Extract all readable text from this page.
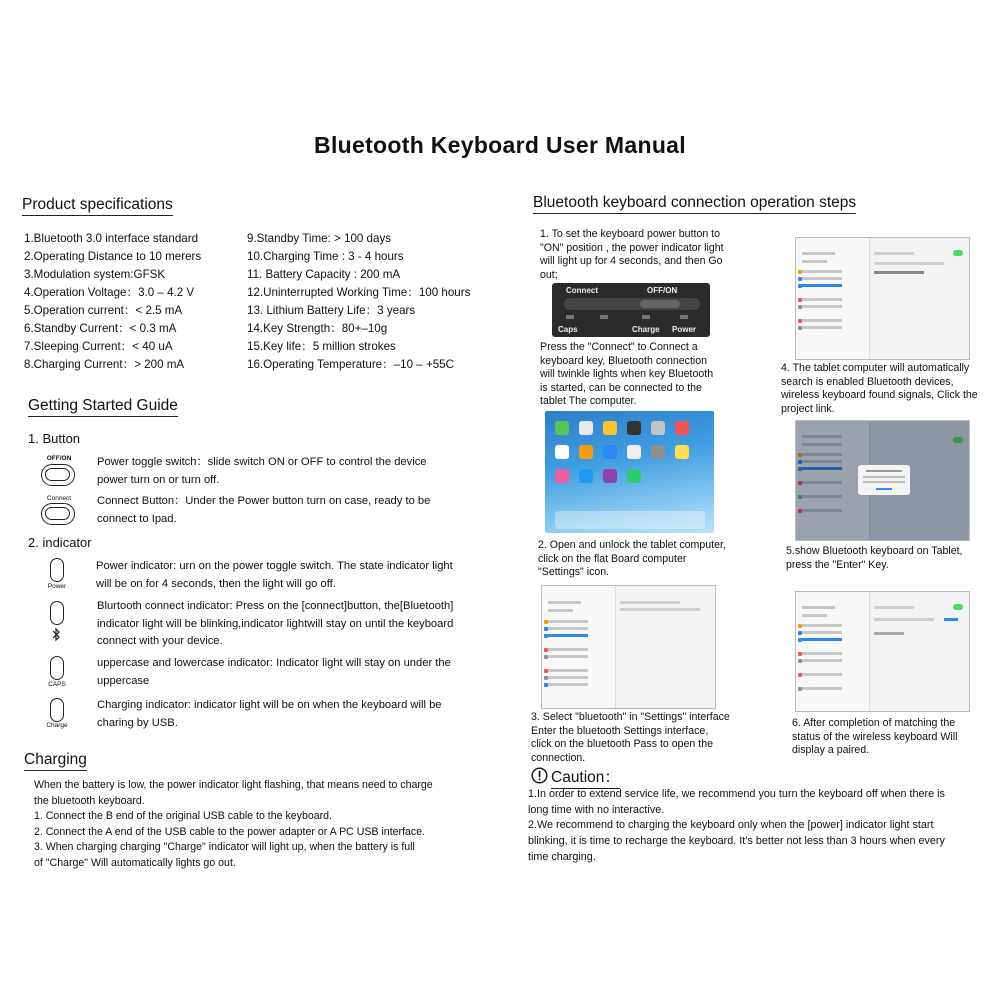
Bluetooth Keyboard User Manual
Product specifications
1.Bluetooth 3.0 interface standard
2.Operating Distance to 10 merers
3.Modulation system:GFSK
4.Operation Voltage：3.0 – 4.2 V
5.Operation current：< 2.5 mA
6.Standby Current：< 0.3 mA
7.Sleeping Current：< 40 uA
8.Charging Current：> 200 mA
9.Standby Time: > 100 days
10.Charging Time : 3 - 4 hours
11. Battery Capacity : 200 mA
12.Uninterrupted Working Time：100 hours
13. Lithium Battery Life：3 years
14.Key Strength：80+–10g
15.Key life：5 million strokes
16.Operating Temperature：–10 – +55C
Getting Started Guide
1. Button
OFF/ON	Power toggle switch：slide switch ON or OFF to control the device power turn on or turn off.
Connect	Connect Button：Under the Power button turn on case, ready to be connect to Ipad.
2. indicator
Power
Power indicator: urn on the power toggle switch. The state indicator light will be on for 4 seconds, then the light will go off.
Blurtooth connect indicator: Press on the [connect]button, the[Bluetooth] indicator light will be blinking,indicator lightwill stay on until the keyboard connect with your device.
CAPS
uppercase and lowercase indicator: Indicator light will stay on under the uppercase
Charge
Charging indicator: indicator light will be on when the keyboard will be charing by USB.
Charging
When the battery is low, the power indicator light flashing, that means need to charge
the bluetooth keyboard.
1. Connect the B end of the original USB cable to the keyboard.
2. Connect the A end of the USB cable to the power adapter or A PC USB interface.
3. When charging charging "Charge" indicator will light up, when the battery is full
of "Charge" Will automatically lights go out.
Bluetooth keyboard connection operation steps
1. To set the keyboard power button to "ON" position , the power indicator light will light up for 4 seconds, and then Go out;
Connect	OFF/ON
Caps	Charge Power
Press the "Connect" to Connect a keyboard key, Bluetooth connection will twinkle lights when key Bluetooth is started, can be connected to the tablet The computer.
2. Open and unlock the tablet computer, click on the flat Board computer "Settings" icon.
3. Select "bluetooth" in "Settings" interface Enter the bluetooth Settings interface, click on the bluetooth Pass to open the connection.
4. The tablet computer will automatically search is enabled Bluetooth devices, wireless keyboard found signals, Click the project link.
5.show Bluetooth keyboard on Tablet, press the "Enter" Key.
6. After completion of matching the status of the wireless keyboard Will display a paired.
Caution：
1.In order to extend service life, we recommend you turn the keyboard off when there is long time with no interactive.
2.We recommend to charging the keyboard only when the [power] indicator light start blinking, it is time to recharge the keyboard. It’s better not less than 3 hours when every time charging.
